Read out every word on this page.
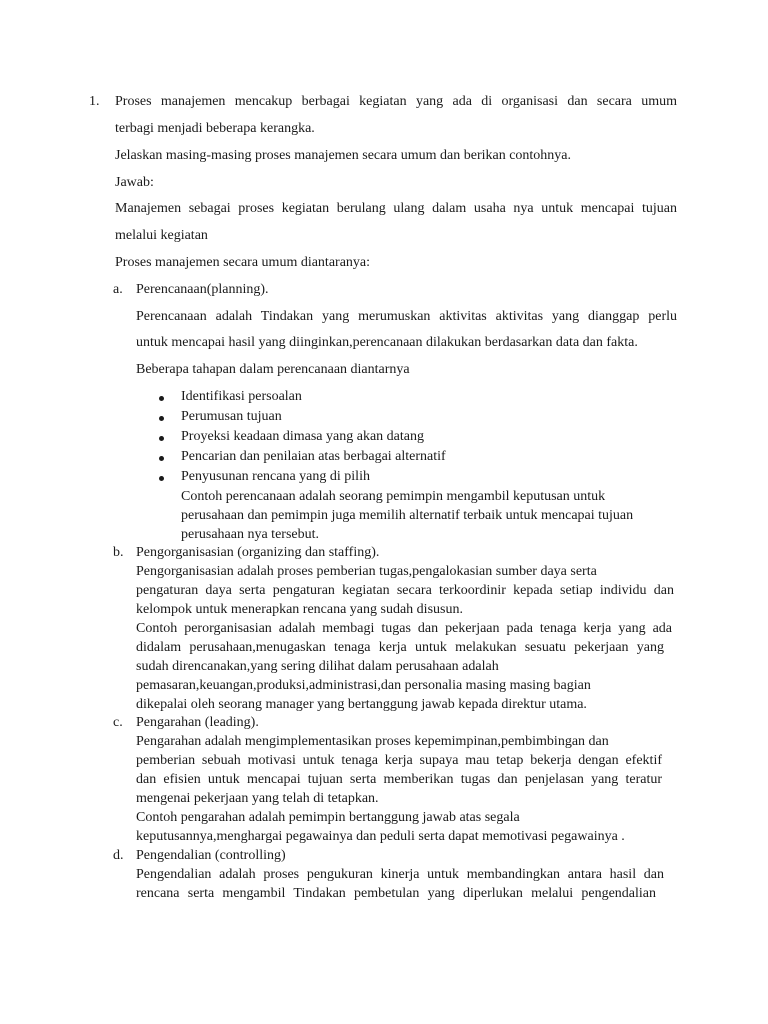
1. Proses manajemen mencakup berbagai kegiatan yang ada di organisasi dan secara umum
terbagi menjadi beberapa kerangka.
Jelaskan masing-masing proses manajemen secara umum dan berikan contohnya.
Jawab:
Manajemen sebagai proses kegiatan berulang ulang dalam usaha nya untuk mencapai tujuan
melalui kegiatan
Proses manajemen secara umum diantaranya:
a. Perencanaan(planning).
Perencanaan adalah Tindakan yang merumuskan aktivitas aktivitas yang dianggap perlu
untuk mencapai hasil yang diinginkan,perencanaan dilakukan berdasarkan data dan fakta.
Beberapa tahapan dalam perencanaan diantarnya
Identifikasi persoalan
Perumusan tujuan
Proyeksi keadaan dimasa yang akan datang
Pencarian dan penilaian atas berbagai alternatif
Penyusunan rencana yang di pilih
Contoh perencanaan adalah seorang pemimpin mengambil keputusan untuk
perusahaan dan pemimpin juga memilih alternatif terbaik untuk mencapai tujuan
perusahaan nya tersebut.
b. Pengorganisasian (organizing dan staffing).
Pengorganisasian adalah proses pemberian tugas,pengalokasian sumber daya serta
pengaturan daya serta pengaturan kegiatan secara terkoordinir kepada setiap individu dan
kelompok untuk menerapkan rencana yang sudah disusun.
Contoh perorganisasian adalah membagi tugas dan pekerjaan pada tenaga kerja yang ada
didalam perusahaan,menugaskan tenaga kerja untuk melakukan sesuatu pekerjaan yang
sudah direncanakan,yang sering dilihat dalam perusahaan adalah
pemasaran,keuangan,produksi,administrasi,dan personalia masing masing bagian
dikepalai oleh seorang manager yang bertanggung jawab kepada direktur utama.
c. Pengarahan (leading).
Pengarahan adalah mengimplementasikan proses kepemimpinan,pembimbingan dan
pemberian sebuah motivasi untuk tenaga kerja supaya mau tetap bekerja dengan efektif
dan efisien untuk mencapai tujuan serta memberikan tugas dan penjelasan yang teratur
mengenai pekerjaan yang telah di tetapkan.
Contoh pengarahan adalah pemimpin bertanggung jawab atas segala
keputusannya,menghargai pegawainya dan peduli serta dapat memotivasi pegawainya .
d. Pengendalian (controlling)
Pengendalian adalah proses pengukuran kinerja untuk membandingkan antara hasil dan
rencana serta mengambil Tindakan pembetulan yang diperlukan melalui pengendalian
